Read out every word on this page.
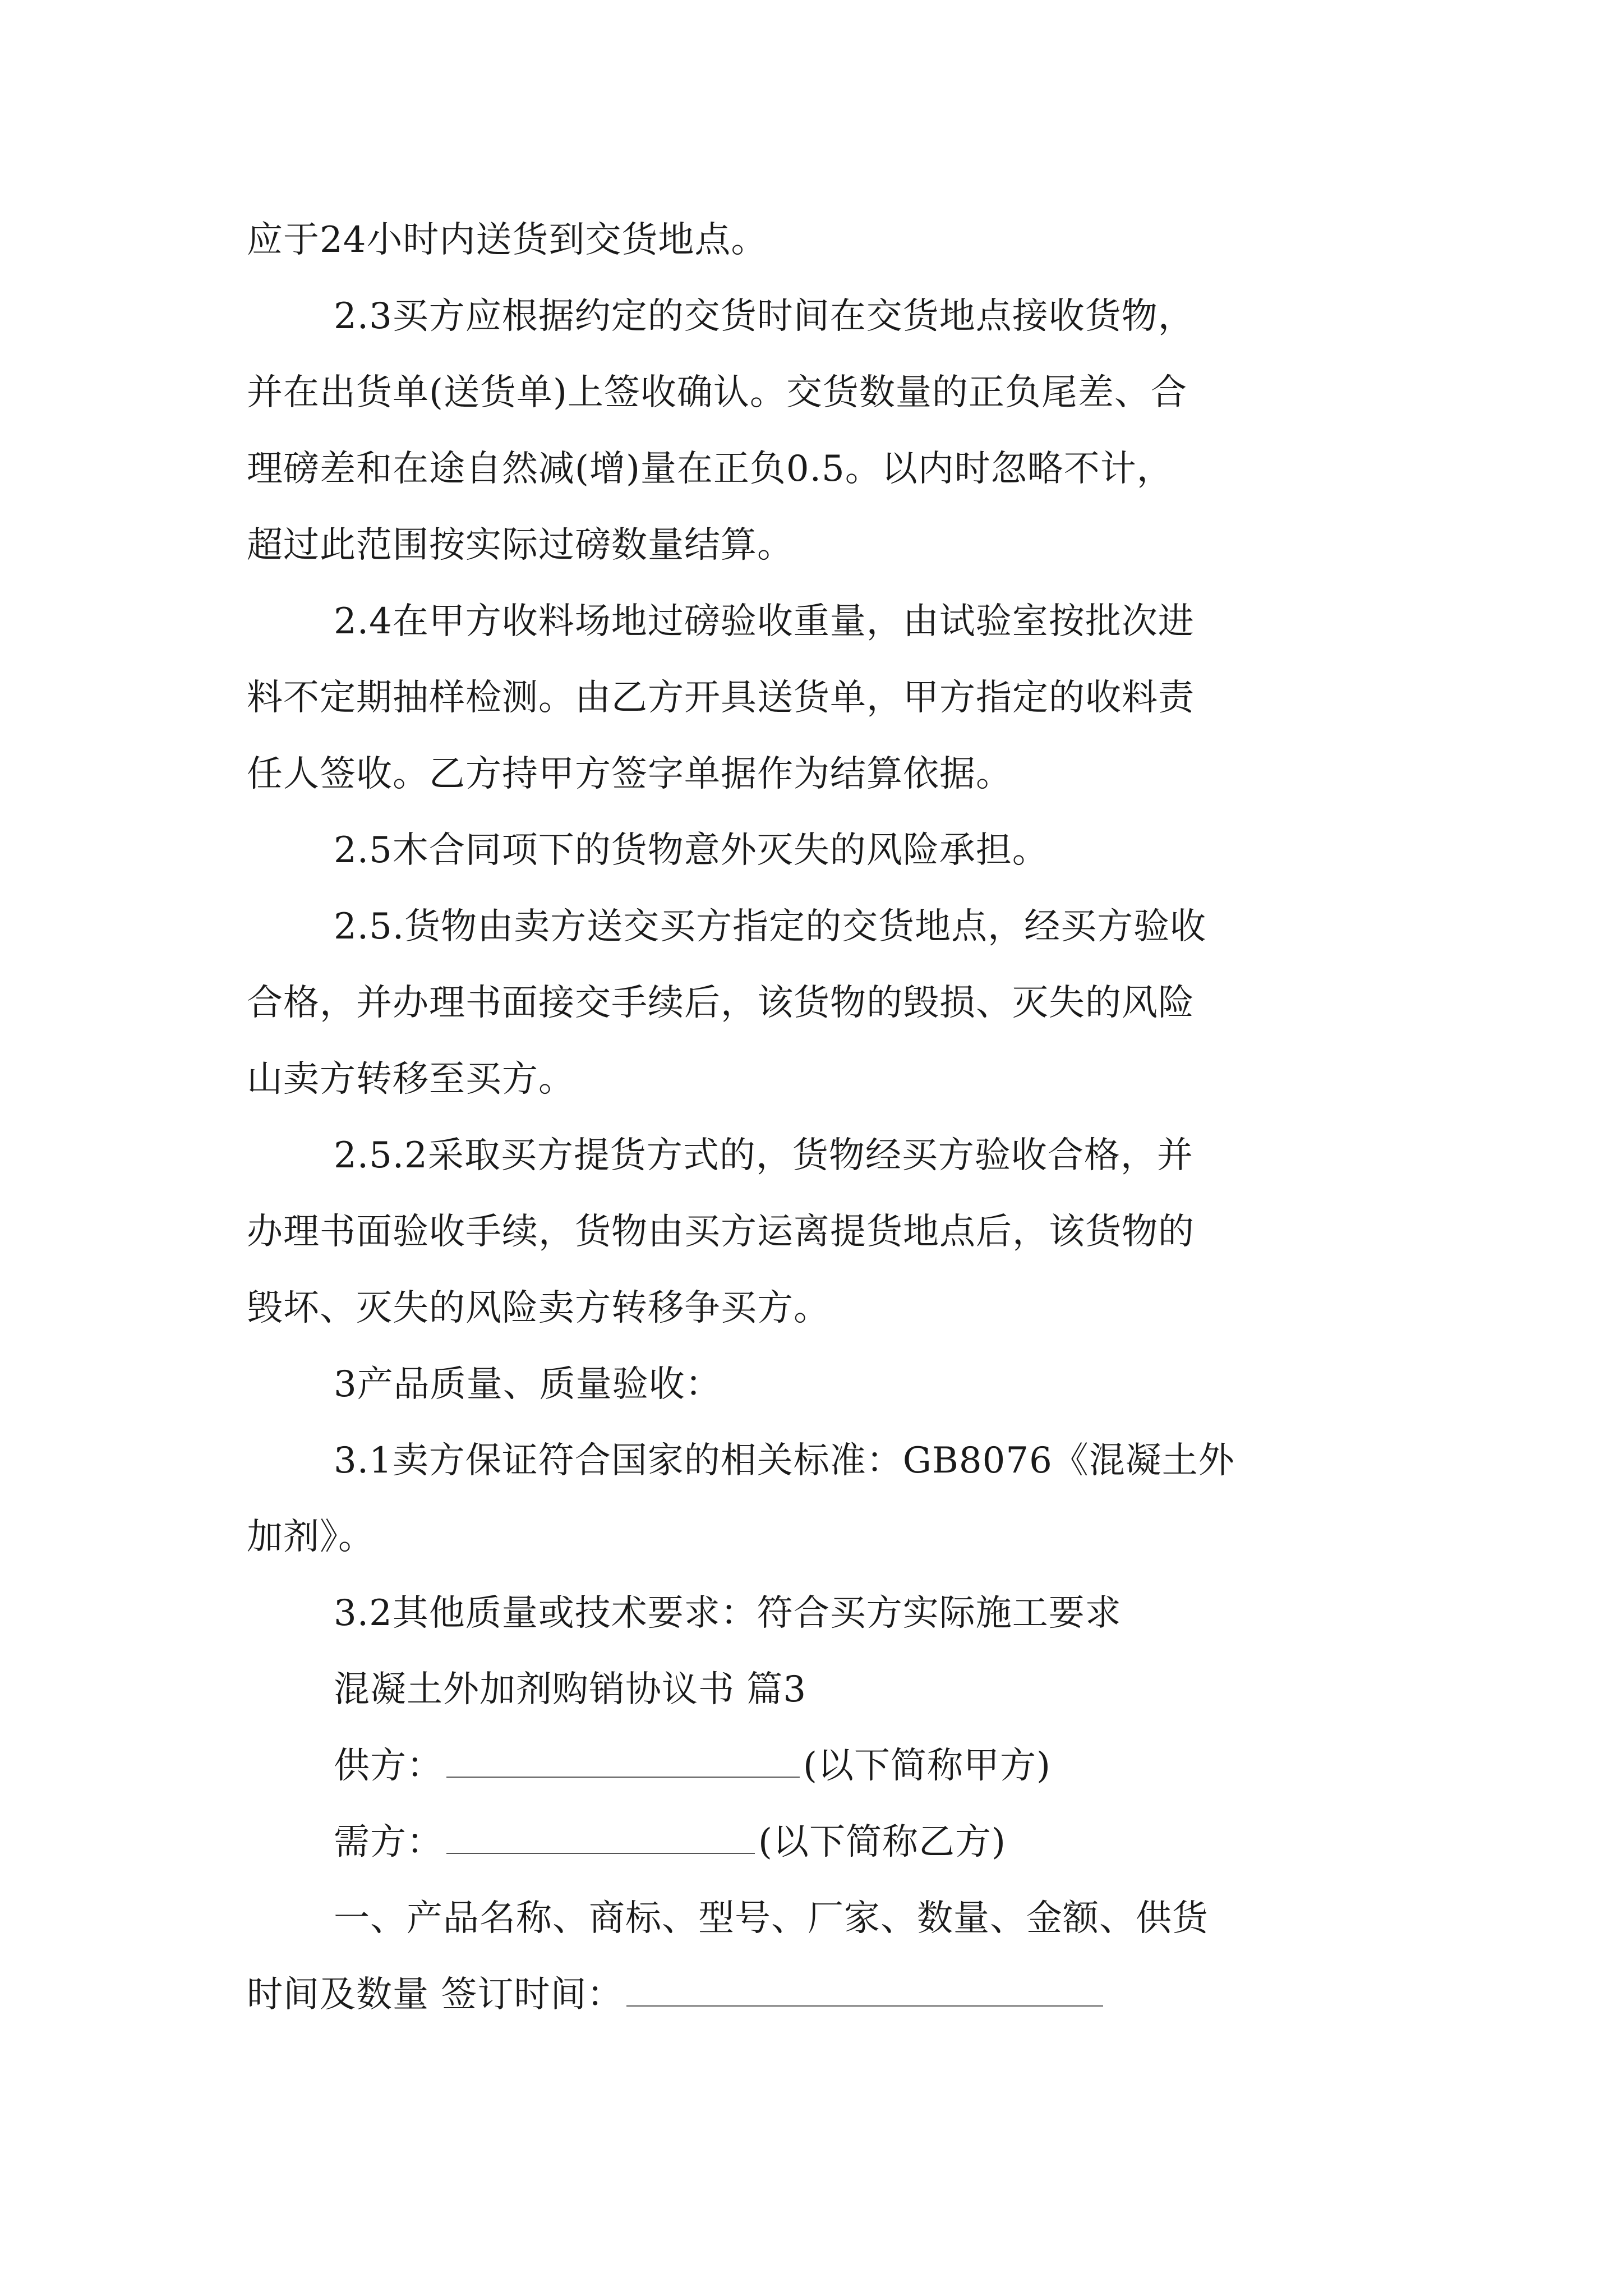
应于24小时内送货到交货地点。
2.3买方应根据约定的交货时间在交货地点接收货物，
并在出货单(送货单)上签收确认。交货数量的正负尾差、合
理磅差和在途自然减(增)量在正负0.5。以内时忽略不计，
超过此范围按实际过磅数量结算。
2.4在甲方收料场地过磅验收重量，由试验室按批次进
料不定期抽样检测。由乙方开具送货单，甲方指定的收料责
任人签收。乙方持甲方签字单据作为结算依据。
2.5木合同项下的货物意外灭失的风险承担。
2.5.货物由卖方送交买方指定的交货地点，经买方验收
合格，并办理书面接交手续后，该货物的毁损、灭失的风险
山卖方转移至买方。
2.5.2采取买方提货方式的，货物经买方验收合格，并
办理书面验收手续，货物由买方运离提货地点后，该货物的
毁坏、灭失的风险卖方转移争买方。
3产品质量、质量验收：
3.1卖方保证符合国家的相关标准：GB8076《混凝土外
加剂》。
3.2其他质量或技术要求：符合买方实际施工要求
混凝土外加剂购销协议书 篇3
供方：	(以下简称甲方)
需方：	(以下简称乙方)
一、产品名称、商标、型号、厂家、数量、金额、供货
时间及数量 签订时间：
